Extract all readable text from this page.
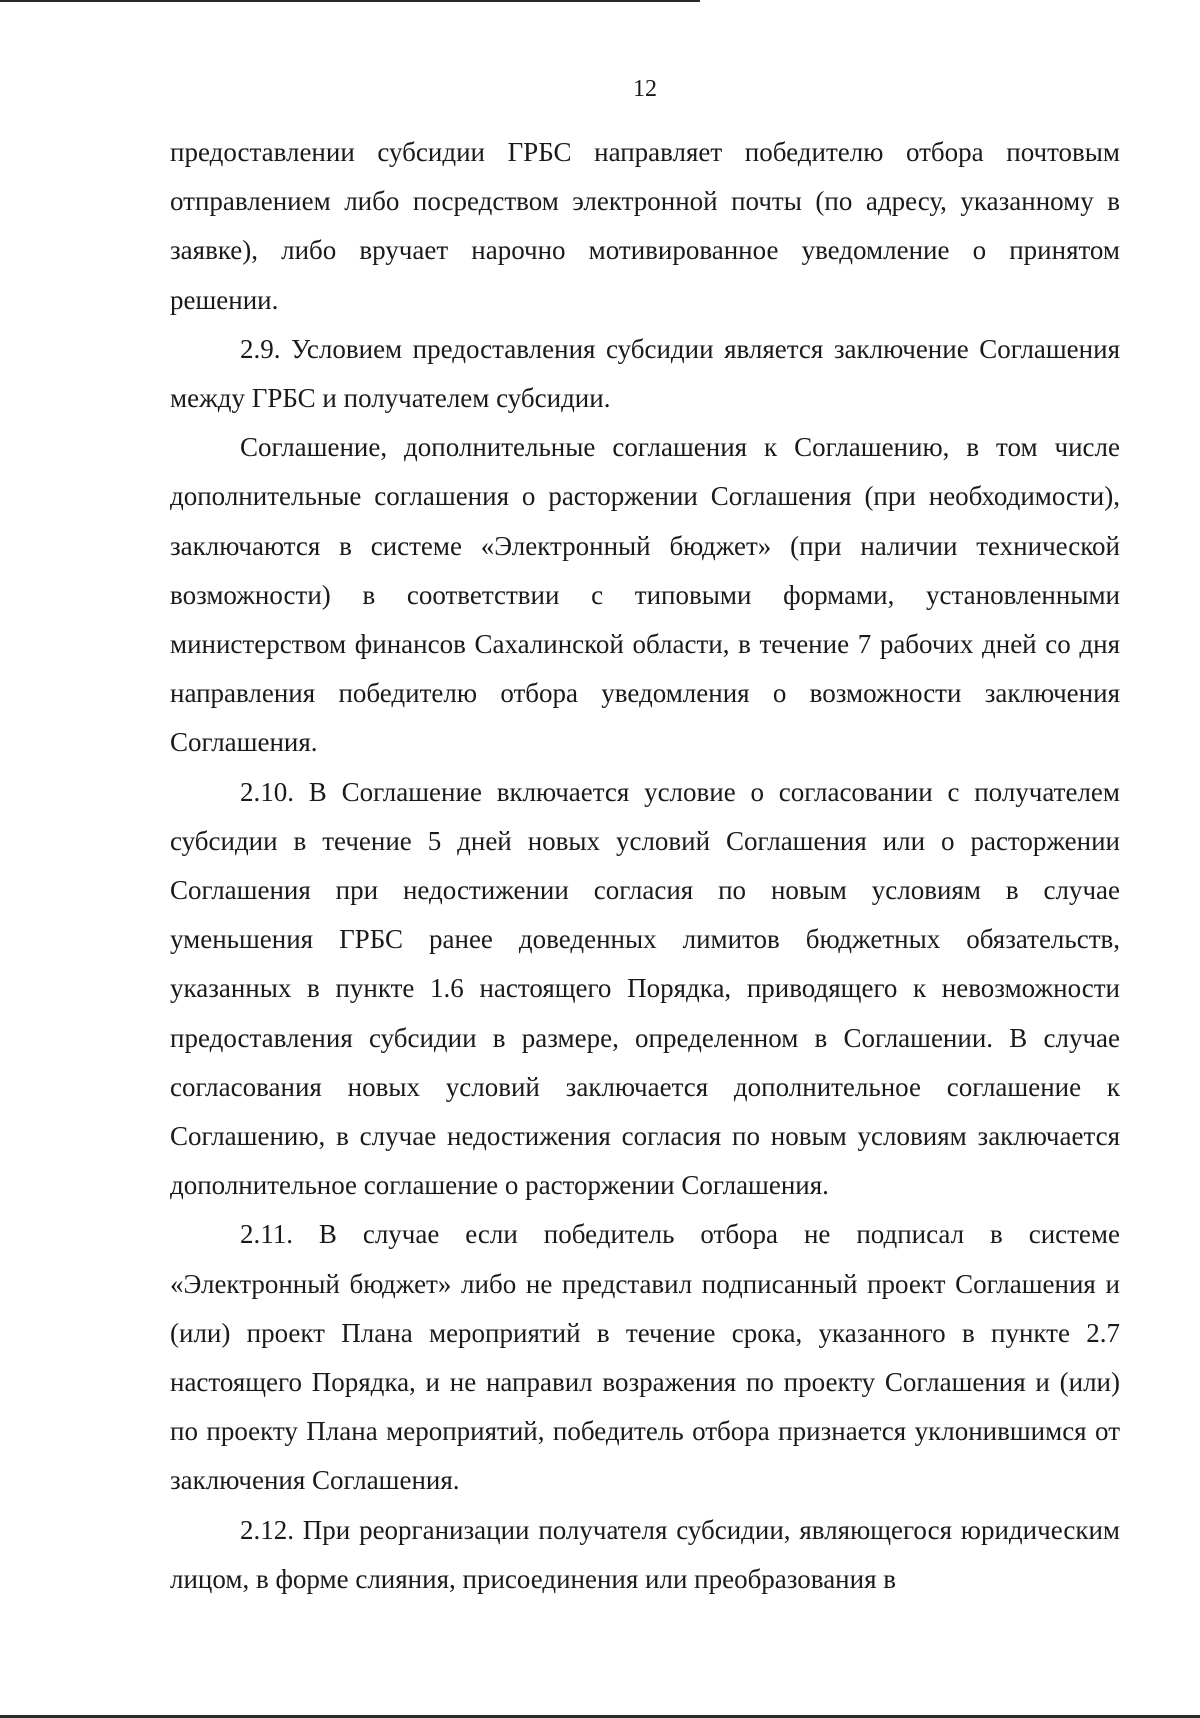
12

предоставлении субсидии ГРБС направляет победителю отбора почтовым отправлением либо посредством электронной почты (по адресу, указанному в заявке), либо вручает нарочно мотивированное уведомление о принятом решении.

2.9. Условием предоставления субсидии является заключение Соглашения между ГРБС и получателем субсидии.

Соглашение, дополнительные соглашения к Соглашению, в том числе дополнительные соглашения о расторжении Соглашения (при необходимости), заключаются в системе «Электронный бюджет» (при наличии технической возможности) в соответствии с типовыми формами, установленными министерством финансов Сахалинской области, в течение 7 рабочих дней со дня направления победителю отбора уведомления о возможности заключения Соглашения.

2.10. В Соглашение включается условие о согласовании с получателем субсидии в течение 5 дней новых условий Соглашения или о расторжении Соглашения при недостижении согласия по новым условиям в случае уменьшения ГРБС ранее доведенных лимитов бюджетных обязательств, указанных в пункте 1.6 настоящего Порядка, приводящего к невозможности предоставления субсидии в размере, определенном в Соглашении. В случае согласования новых условий заключается дополнительное соглашение к Соглашению, в случае недостижения согласия по новым условиям заключается дополнительное соглашение о расторжении Соглашения.

2.11. В случае если победитель отбора не подписал в системе «Электронный бюджет» либо не представил подписанный проект Соглашения и (или) проект Плана мероприятий в течение срока, указанного в пункте 2.7 настоящего Порядка, и не направил возражения по проекту Соглашения и (или) по проекту Плана мероприятий, победитель отбора признается уклонившимся от заключения Соглашения.

2.12. При реорганизации получателя субсидии, являющегося юридическим лицом, в форме слияния, присоединения или преобразования в
